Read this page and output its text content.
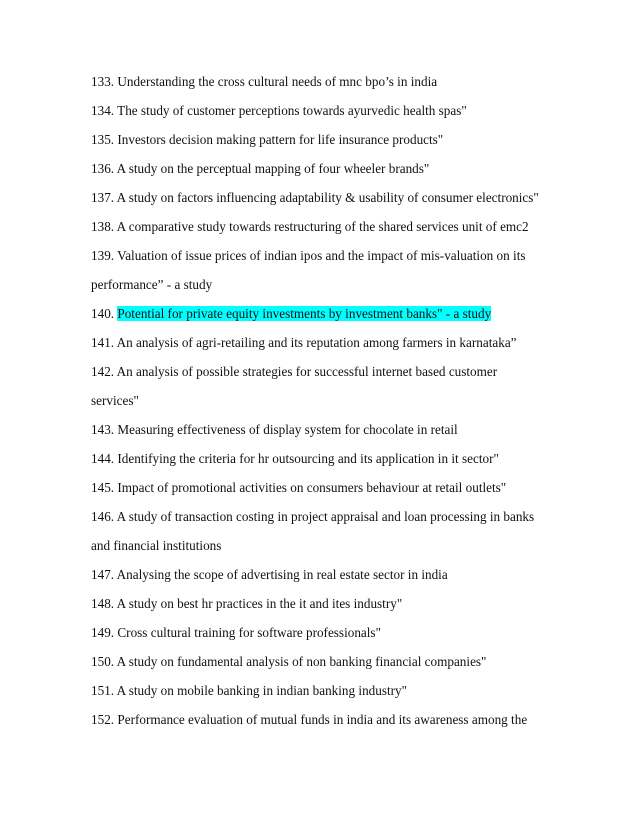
133. Understanding the cross cultural needs of mnc bpo’s in india
134. The study of customer perceptions towards ayurvedic health spas"
135. Investors decision making pattern for life insurance products"
136. A study on the perceptual mapping of four wheeler brands"
137. A study on factors influencing adaptability & usability of consumer electronics"
138. A comparative study towards restructuring of the shared services unit of emc2
139. Valuation of issue prices of indian ipos and the impact of mis-valuation on its
performance” - a study
140. Potential for private equity investments by investment banks" - a study
141. An analysis of agri-retailing and its reputation among farmers in karnataka”
142. An analysis of possible strategies for successful internet based customer
services"
143. Measuring effectiveness of display system for chocolate in retail
144. Identifying the criteria for hr outsourcing and its application in it sector"
145. Impact of promotional activities on consumers behaviour at retail outlets"
146. A study of transaction costing in project appraisal and loan processing in banks
and financial institutions
147. Analysing the scope of advertising in real estate sector in india
148. A study on best hr practices in the it and ites industry"
149. Cross cultural training for software professionals"
150. A study on fundamental analysis of non banking financial companies"
151. A study on mobile banking in indian banking industry"
152. Performance evaluation of mutual funds in india and its awareness among the
